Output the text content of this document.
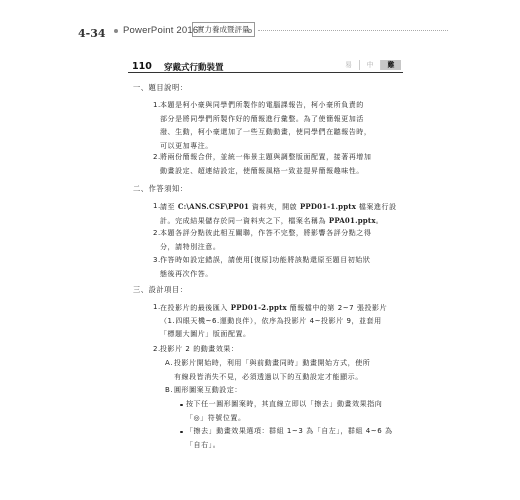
4-34 PowerPoint 2016
實力養成暨評量
110 穿戴式行動裝置	易	中	難
一、題目說明：
1. 本題是柯小豪與同學們所製作的電腦課報告，柯小豪所負責的
部分是將同學們所製作好的簡報進行彙整。為了使簡報更加活
潑、生動，柯小豪還加了一些互動動畫，使同學們在聽報告時，
可以更加專注。
2. 將兩份簡報合併，並統一佈景主題與調整版面配置，接著再增加
動畫設定、超連結設定，使簡報風格一致並提昇簡報趣味性。
二、作答須知：
1. 請至 C:\ANS.CSF\PP01 資料夾，開啟 PPD01-1.pptx 檔案進行設
計。完成結果儲存於同一資料夾之下，檔案名稱為 PPA01.pptx。
2. 本題各評分點彼此相互關聯，作答不完整，將影響各評分點之得
分，請特別注意。
3. 作答時如設定錯誤，請使用[復原]功能將該點還原至題目初始狀
態後再次作答。
三、設計項目：
1. 在投影片的最後匯入 PPD01-2.pptx 簡報檔中的第 2~7 張投影片
（1.四眼天機~6.運動良伴），依序為投影片 4~投影片 9，並套用
「標題大圖片」版面配置。
2. 投影片 2 的動畫效果：
A. 投影片開始時，利用「與前動畫同時」動畫開始方式，使所
有線段皆消失不見，必須透過以下的互動設定才能顯示。
B. 圓形圖案互動設定：
按下任一圓形圖案時，其直線立即以「擦去」動畫效果指向
「◎」符號位置。
「擦去」動畫效果選項：群組 1~3 為「自左」，群組 4~6 為
「自右」。
